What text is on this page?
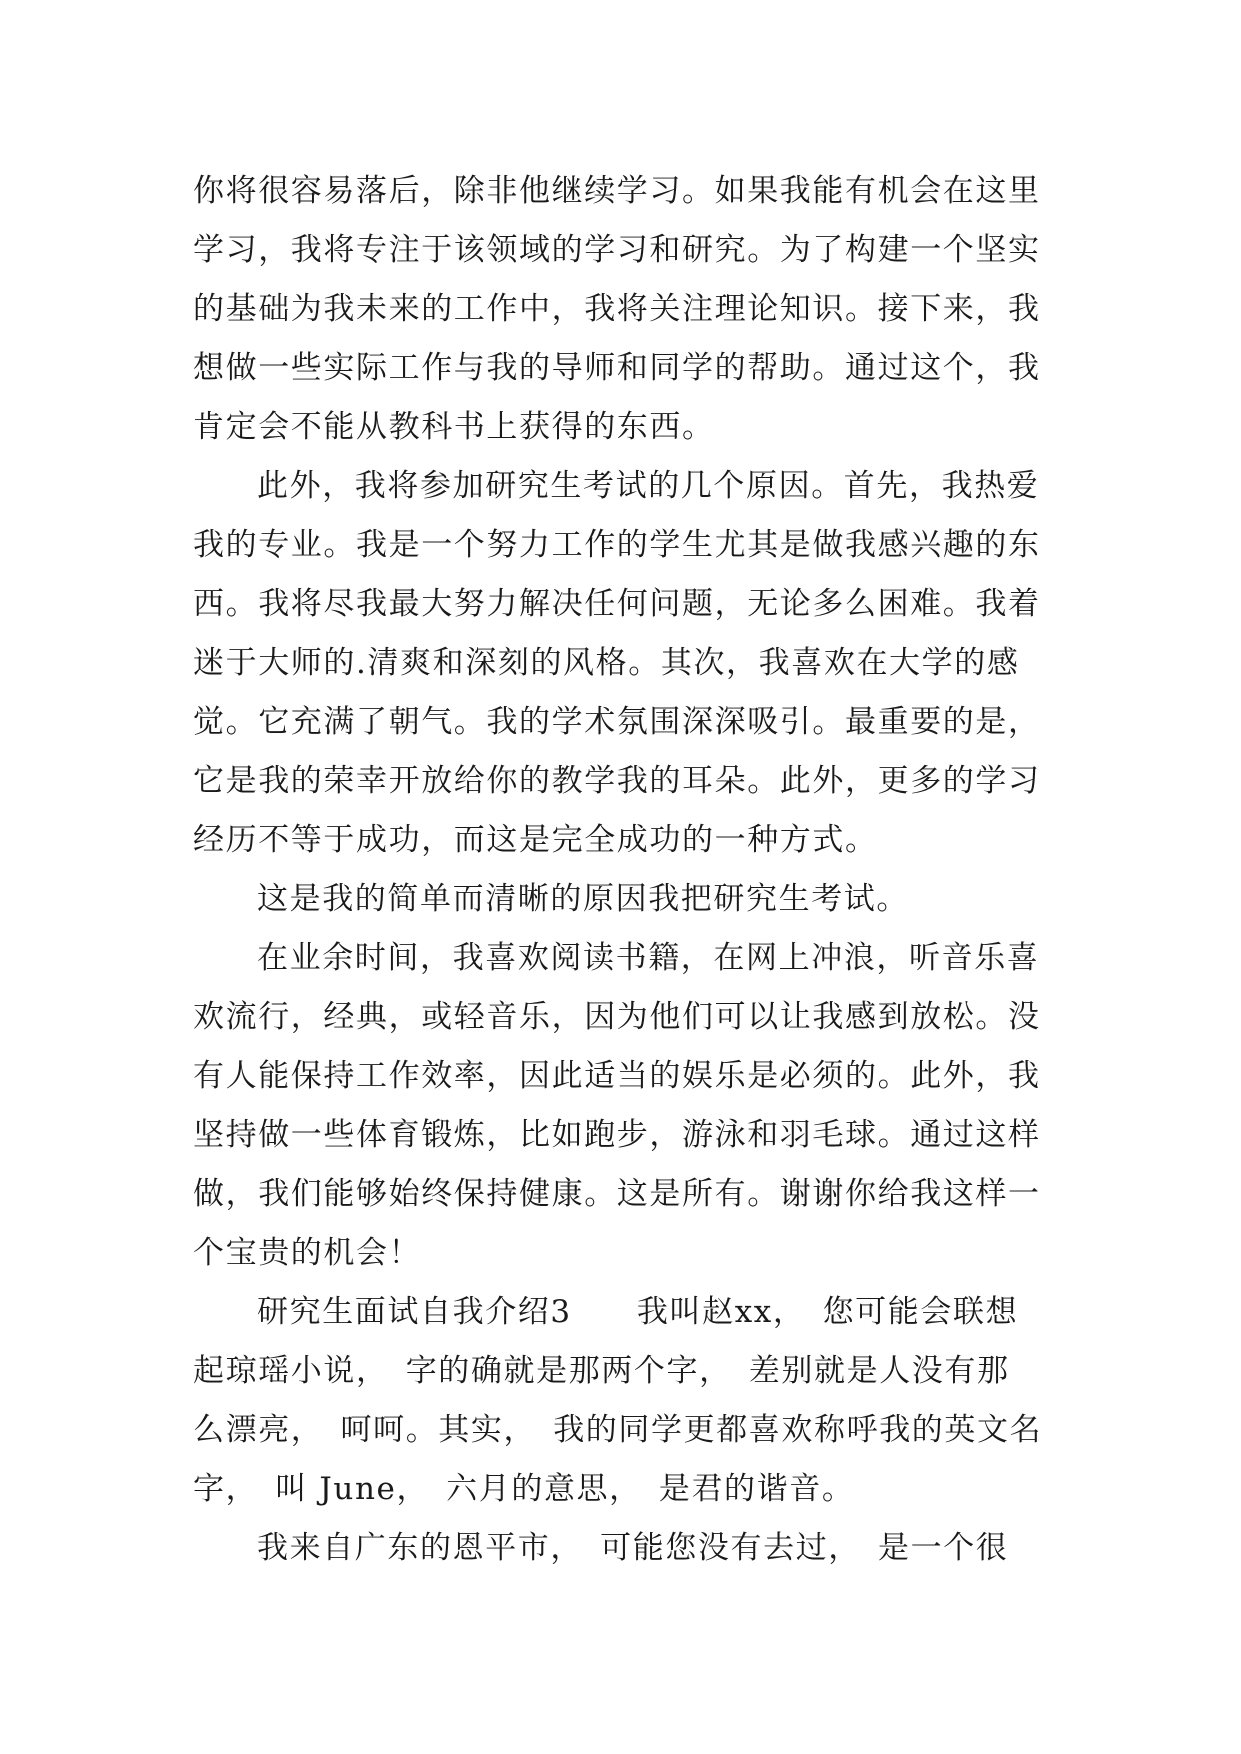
你将很容易落后，除非他继续学习。如果我能有机会在这里
学习，我将专注于该领域的学习和研究。为了构建一个坚实
的基础为我未来的工作中，我将关注理论知识。接下来，我
想做一些实际工作与我的导师和同学的帮助。通过这个，我
肯定会不能从教科书上获得的东西。
此外，我将参加研究生考试的几个原因。首先，我热爱
我的专业。我是一个努力工作的学生尤其是做我感兴趣的东
西。我将尽我最大努力解决任何问题，无论多么困难。我着
迷于大师的.清爽和深刻的风格。其次，我喜欢在大学的感
觉。它充满了朝气。我的学术氛围深深吸引。最重要的是，
它是我的荣幸开放给你的教学我的耳朵。此外，更多的学习
经历不等于成功，而这是完全成功的一种方式。
这是我的简单而清晰的原因我把研究生考试。
在业余时间，我喜欢阅读书籍，在网上冲浪，听音乐喜
欢流行，经典，或轻音乐，因为他们可以让我感到放松。没
有人能保持工作效率，因此适当的娱乐是必须的。此外，我
坚持做一些体育锻炼，比如跑步，游泳和羽毛球。通过这样
做，我们能够始终保持健康。这是所有。谢谢你给我这样一
个宝贵的机会！
研究生面试自我介绍3　　我叫赵xx，　您可能会联想
起琼瑶小说，　字的确就是那两个字，　差别就是人没有那
么漂亮，　呵呵。其实，　我的同学更都喜欢称呼我的英文名
字，　叫 June，　六月的意思，　是君的谐音。
我来自广东的恩平市，　可能您没有去过，　是一个很
